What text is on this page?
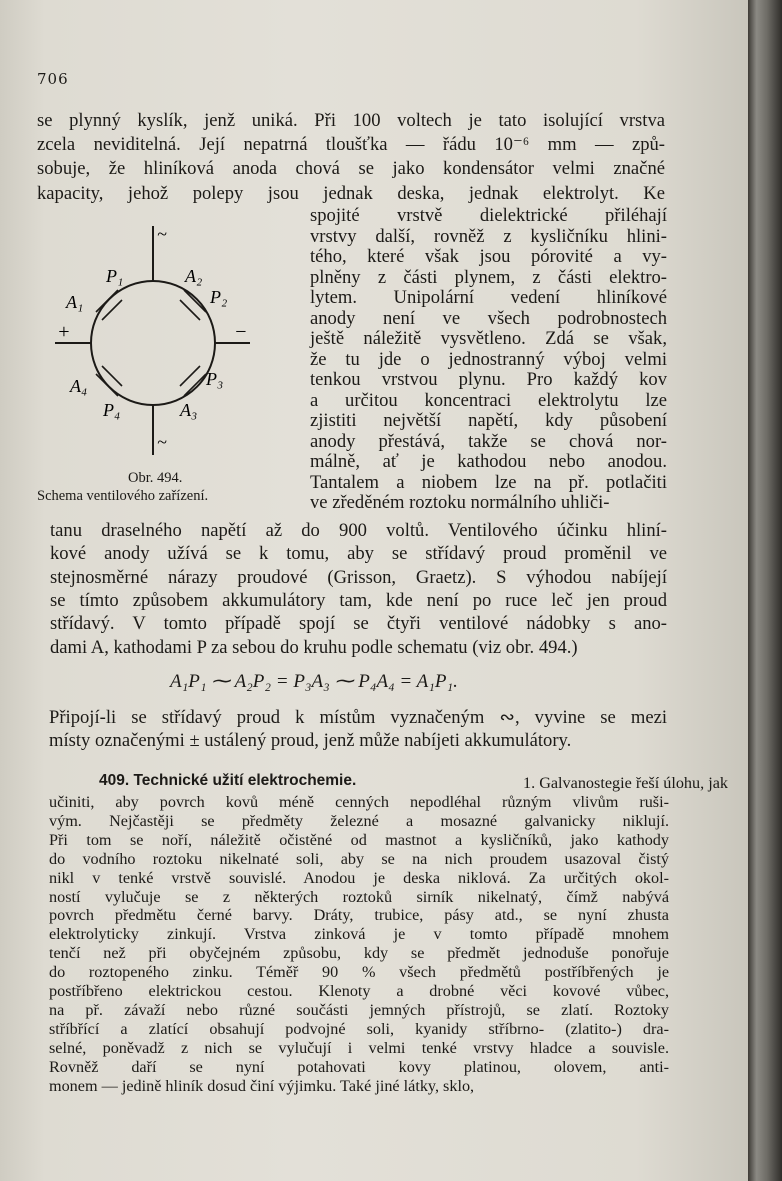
706
se plynný kyslík, jenž uniká. Při 100 voltech je tato isolující vrstva
zcela neviditelná. Její nepatrná tloušťka — řádu 10⁻⁶ mm — způ-
sobuje, že hliníková anoda chová se jako kondensátor velmi značné
kapacity, jehož polepy jsou jednak deska, jednak elektrolyt. Ke
spojité vrstvě dielektrické přiléhají
vrstvy další, rovněž z kysličníku hlini-
tého, které však jsou pórovité a vy-
plněny z části plynem, z části elektro-
lytem. Unipolární vedení hliníkové
anody není ve všech podrobnostech
ještě náležitě vysvětleno. Zdá se však,
že tu jde o jednostranný výboj velmi
tenkou vrstvou plynu. Pro každý kov
a určitou koncentraci elektrolytu lze
zjistiti největší napětí, kdy působení
anody přestává, takže se chová nor-
málně, ať je kathodou nebo anodou.
Tantalem a niobem lze na př. potlačiti
ve zředěném roztoku normálního uhliči-
P₁	A₂
A₁	P₂
+	−
A₄	P₃
P₄	A₃
~
~
Obr. 494.
Schema ventilového zařízení.
tanu draselného napětí až do 900 voltů. Ventilového účinku hliní-
kové anody užívá se k tomu, aby se střídavý proud proměnil ve
stejnosměrné nárazy proudové (Grisson, Graetz). S výhodou nabíjejí
se tímto způsobem akkumulátory tam, kde není po ruce leč jen proud
střídavý. V tomto případě spojí se čtyři ventilové nádobky s ano-
dami A, kathodami P za sebou do kruhu podle schematu (viz obr. 494.)
A₁P₁ ⁓ A₂P₂ = P₃A₃ ⁓ P₄A₄ = A₁P₁.
Připojí-li se střídavý proud k místům vyznačeným ∾, vyvine se mezi
místy označenými ± ustálený proud, jenž může nabíjeti akkumulátory.
409. Technické užití elektrochemie.	1. Galvanostegie řeší úlohu, jak
učiniti, aby povrch kovů méně cenných nepodléhal různým vlivům ruši-
vým. Nejčastěji se předměty železné a mosazné galvanicky niklují.
Při tom se noří, náležitě očistěné od mastnot a kysličníků, jako kathody
do vodního roztoku nikelnaté soli, aby se na nich proudem usazoval čistý
nikl v tenké vrstvě souvislé. Anodou je deska niklová. Za určitých okol-
ností vylučuje se z některých roztoků sirník nikelnatý, čímž nabývá
povrch předmětu černé barvy. Dráty, trubice, pásy atd., se nyní zhusta
elektrolyticky zinkují. Vrstva zinková je v tomto případě mnohem
tenčí než při obyčejném způsobu, kdy se předmět jednoduše ponořuje
do roztopeného zinku. Téměř 90 % všech předmětů postříbřených je
postříbřeno elektrickou cestou. Klenoty a drobné věci kovové vůbec,
na př. závaží nebo různé součásti jemných přístrojů, se zlatí. Roztoky
stříbřící a zlatící obsahují podvojné soli, kyanidy stříbrno- (zlatito-) dra-
selné, poněvadž z nich se vylučují i velmi tenké vrstvy hladce a souvisle.
Rovněž daří se nyní potahovati kovy platinou, olovem, anti-
monem — jedině hliník dosud činí výjimku. Také jiné látky, sklo,
